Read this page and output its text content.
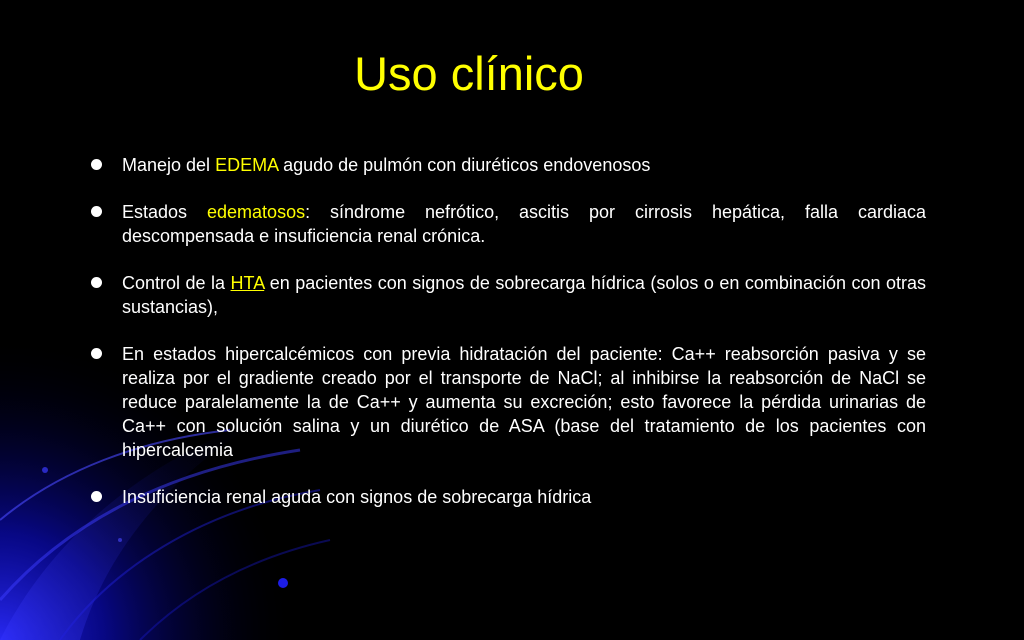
Uso clínico
Manejo del EDEMA agudo de pulmón con diuréticos endovenosos
Estados edematosos: síndrome nefrótico, ascitis por cirrosis hepática, falla cardiaca descompensada e insuficiencia renal crónica.
Control de la HTA en pacientes con signos de sobrecarga hídrica (solos o en combinación con otras sustancias),
En estados hipercalcémicos con previa hidratación del paciente: Ca++ reabsorción pasiva y se realiza por el gradiente creado por el transporte de NaCl; al inhibirse la reabsorción de NaCl se reduce paralelamente la de Ca++ y aumenta su excreción; esto favorece la pérdida urinarias de Ca++ con solución salina y un diurético de ASA (base del tratamiento de los pacientes con hipercalcemia
Insuficiencia renal aguda con signos de sobrecarga hídrica
